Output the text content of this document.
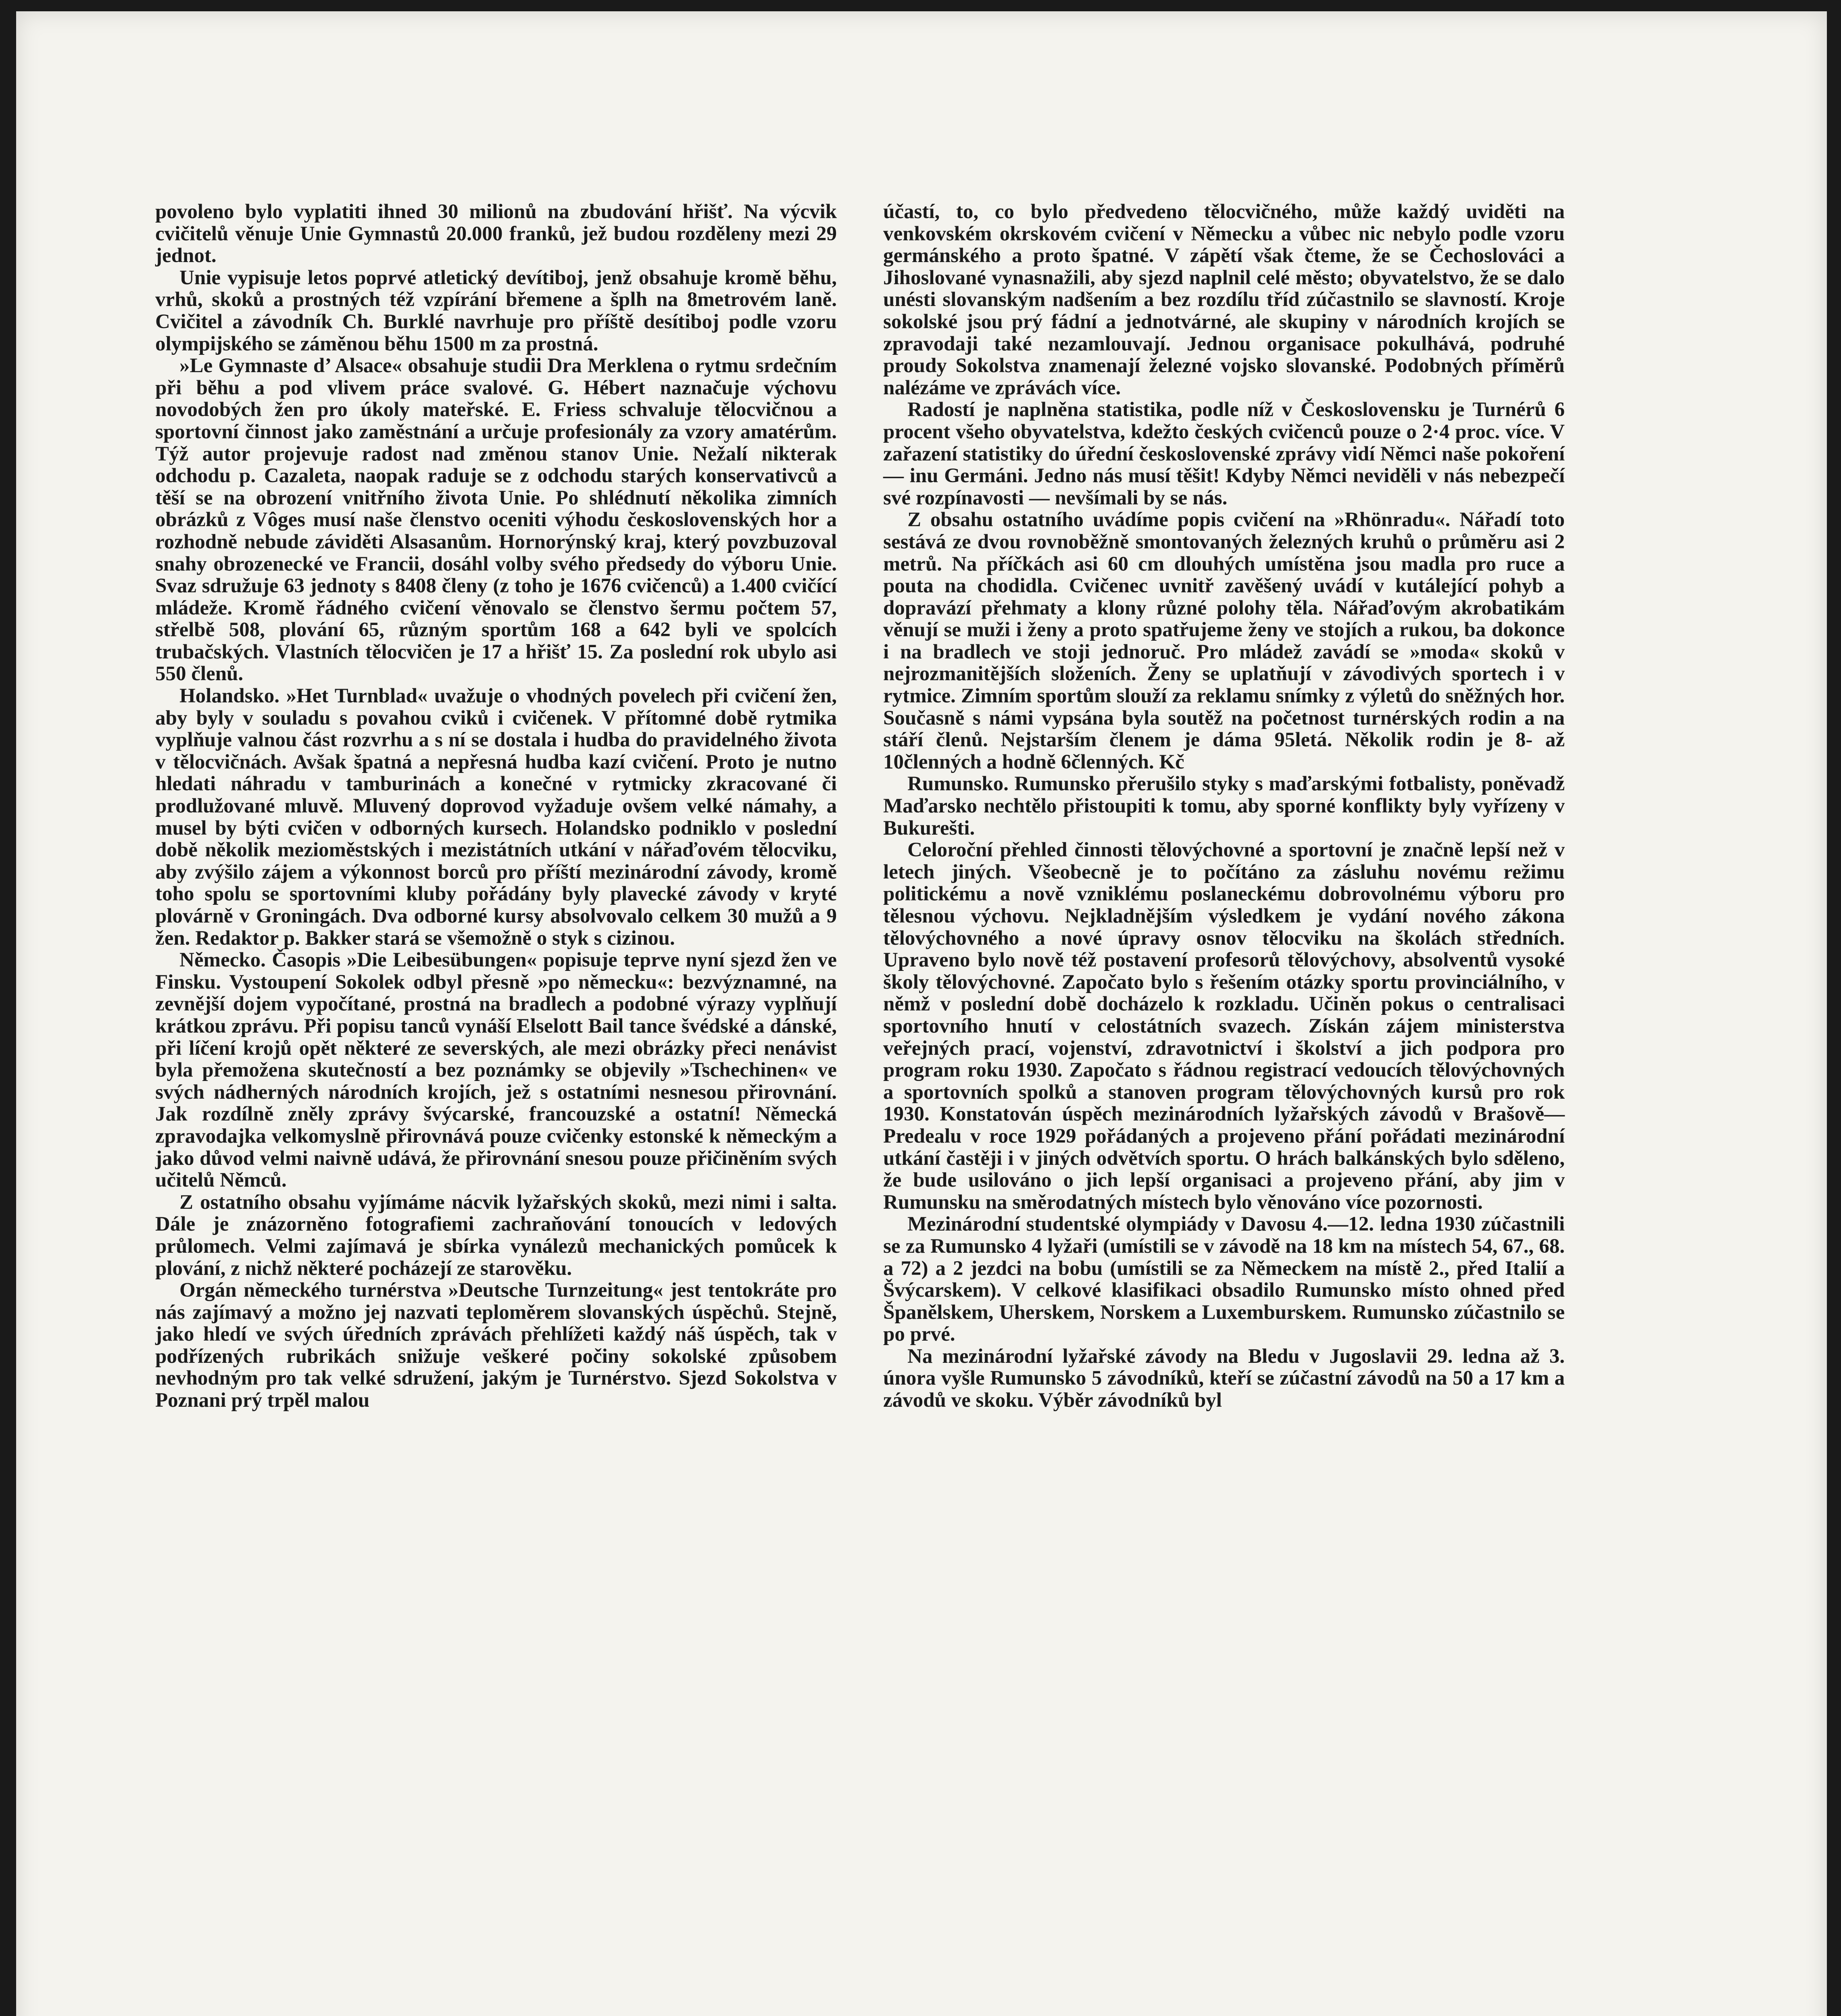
povoleno bylo vyplatiti ihned 30 milionů na zbudování hřišť. Na výcvik cvičitelů věnuje Unie Gymnastů 20.000 franků, jež budou rozděleny mezi 29 jednot.

Unie vypisuje letos poprvé atletický devítiboj, jenž obsahuje kromě běhu, vrhů, skoků a prostných též vzpírání břemene a šplh na 8metrovém laně. Cvičitel a závodník Ch. Burklé navrhuje pro příště desítiboj podle vzoru olympijského se záměnou běhu 1500 m za prostná.

»Le Gymnaste d’ Alsace« obsahuje studii Dra Merklena o rytmu srdečním při běhu a pod vlivem práce svalové. G. Hébert naznačuje výchovu novodobých žen pro úkoly mateřské. E. Friess schvaluje tělocvičnou a sportovní činnost jako zaměstnání a určuje profesionály za vzory amatérům. Týž autor projevuje radost nad změnou stanov Unie. Nežalí nikterak odchodu p. Cazaleta, naopak raduje se z odchodu starých konservativců a těší se na obrození vnitřního života Unie. Po shlédnutí několika zimních obrázků z Vôges musí naše členstvo oceniti výhodu československých hor a rozhodně nebude záviděti Alsasanům. Hornorýnský kraj, který povzbuzoval snahy obrozenecké ve Francii, dosáhl volby svého předsedy do výboru Unie. Svaz sdružuje 63 jednoty s 8408 členy (z toho je 1676 cvičenců) a 1.400 cvičící mládeže. Kromě řádného cvičení věnovalo se členstvo šermu počtem 57, střelbě 508, plování 65, různým sportům 168 a 642 byli ve spolcích trubačských. Vlastních tělocvičen je 17 a hřišť 15. Za poslední rok ubylo asi 550 členů.

Holandsko. »Het Turnblad« uvažuje o vhodných povelech při cvičení žen, aby byly v souladu s povahou cviků i cvičenek. V přítomné době rytmika vyplňuje valnou část rozvrhu a s ní se dostala i hudba do pravidelného života v tělocvičnách. Avšak špatná a nepřesná hudba kazí cvičení. Proto je nutno hledati náhradu v tamburinách a konečné v rytmicky zkracované či prodlužované mluvě. Mluvený doprovod vyžaduje ovšem velké námahy, a musel by býti cvičen v odborných kursech. Holandsko podniklo v poslední době několik mezioměstských i mezistátních utkání v nářaďovém tělocviku, aby zvýšilo zájem a výkonnost borců pro příští mezinárodní závody, kromě toho spolu se sportovními kluby pořádány byly plavecké závody v kryté plovárně v Groningách. Dva odborné kursy absolvovalo celkem 30 mužů a 9 žen. Redaktor p. Bakker stará se všemožně o styk s cizinou.

Německo. Časopis »Die Leibesübungen« popisuje teprve nyní sjezd žen ve Finsku. Vystoupení Sokolek odbyl přesně »po německu«: bezvýznamné, na zevnější dojem vypočítané, prostná na bradlech a podobné výrazy vyplňují krátkou zprávu. Při popisu tanců vynáší Elselott Bail tance švédské a dánské, při líčení krojů opět některé ze severských, ale mezi obrázky přeci nenávist byla přemožena skutečností a bez poznámky se objevily »Tschechinen« ve svých nádherných národních krojích, jež s ostatními nesnesou přirovnání. Jak rozdílně zněly zprávy švýcarské, francouzské a ostatní! Německá zpravodajka velkomyslně přirovnává pouze cvičenky estonské k německým a jako důvod velmi naivně udává, že přirovnání snesou pouze přičiněním svých učitelů Němců.

Z ostatního obsahu vyjímáme nácvik lyžařských skoků, mezi nimi i salta. Dále je znázorněno fotografiemi zachraňování tonoucích v ledových průlomech. Velmi zajímavá je sbírka vynálezů mechanických pomůcek k plování, z nichž některé pocházejí ze starověku.

Orgán německého turnérstva »Deutsche Turnzeitung« jest tentokráte pro nás zajímavý a možno jej nazvati teploměrem slovanských úspěchů. Stejně, jako hledí ve svých úředních zprávách přehlížeti každý náš úspěch, tak v podřízených rubrikách snižuje veškeré počiny sokolské způsobem nevhodným pro tak velké sdružení, jakým je Turnérstvo. Sjezd Sokolstva v Poznani prý trpěl malou

účastí, to, co bylo předvedeno tělocvičného, může každý uviděti na venkovském okrskovém cvičení v Německu a vůbec nic nebylo podle vzoru germánského a proto špatné. V zápětí však čteme, že se Čechoslováci a Jihoslované vynasnažili, aby sjezd naplnil celé město; obyvatelstvo, že se dalo unésti slovanským nadšením a bez rozdílu tříd zúčastnilo se slavností. Kroje sokolské jsou prý fádní a jednotvárné, ale skupiny v národních krojích se zpravodaji také nezamlouvají. Jednou organisace pokulhává, podruhé proudy Sokolstva znamenají železné vojsko slovanské. Podobných příměrů nalézáme ve zprávách více.

Radostí je naplněna statistika, podle níž v Československu je Turnérů 6 procent všeho obyvatelstva, kdežto českých cvičenců pouze o 2·4 proc. více. V zařazení statistiky do úřední československé zprávy vidí Němci naše pokoření — inu Germáni. Jedno nás musí těšit! Kdyby Němci neviděli v nás nebezpečí své rozpínavosti — nevšímali by se nás.

Z obsahu ostatního uvádíme popis cvičení na »Rhönradu«. Nářadí toto sestává ze dvou rovnoběžně smontovaných železných kruhů o průměru asi 2 metrů. Na příčkách asi 60 cm dlouhých umístěna jsou madla pro ruce a pouta na chodidla. Cvičenec uvnitř zavěšený uvádí v kutálející pohyb a dopravází přehmaty a klony různé polohy těla. Nářaďovým akrobatikám věnují se muži i ženy a proto spatřujeme ženy ve stojích a rukou, ba dokonce i na bradlech ve stoji jednoruč. Pro mládež zavádí se »moda« skoků v nejrozmanitějších složeních. Ženy se uplatňují v závodivých sportech i v rytmice. Zimním sportům slouží za reklamu snímky z výletů do sněžných hor. Současně s námi vypsána byla soutěž na početnost turnérských rodin a na stáří členů. Nejstarším členem je dáma 95letá. Několik rodin je 8- až 10členných a hodně 6členných. Kč

Rumunsko. Rumunsko přerušilo styky s maďarskými fotbalisty, poněvadž Maďarsko nechtělo přistoupiti k tomu, aby sporné konflikty byly vyřízeny v Bukurešti.

Celoroční přehled činnosti tělovýchovné a sportovní je značně lepší než v letech jiných. Všeobecně je to počítáno za zásluhu novému režimu politickému a nově vzniklému poslaneckému dobrovolnému výboru pro tělesnou výchovu. Nejkladnějším výsledkem je vydání nového zákona tělovýchovného a nové úpravy osnov tělocviku na školách středních. Upraveno bylo nově též postavení profesorů tělovýchovy, absolventů vysoké školy tělovýchovné. Započato bylo s řešením otázky sportu provinciálního, v němž v poslední době docházelo k rozkladu. Učiněn pokus o centralisaci sportovního hnutí v celostátních svazech. Získán zájem ministerstva veřejných prací, vojenství, zdravotnictví i školství a jich podpora pro program roku 1930. Započato s řádnou registrací vedoucích tělovýchovných a sportovních spolků a stanoven program tělovýchovných kursů pro rok 1930. Konstatován úspěch mezinárodních lyžařských závodů v Brašově—Predealu v roce 1929 pořádaných a projeveno přání pořádati mezinárodní utkání častěji i v jiných odvětvích sportu. O hrách balkánských bylo sděleno, že bude usilováno o jich lepší organisaci a projeveno přání, aby jim v Rumunsku na směrodatných místech bylo věnováno více pozornosti.

Mezinárodní studentské olympiády v Davosu 4.—12. ledna 1930 zúčastnili se za Rumunsko 4 lyžaři (umístili se v závodě na 18 km na místech 54, 67., 68. a 72) a 2 jezdci na bobu (umístili se za Německem na místě 2., před Italií a Švýcarskem). V celkové klasifikaci obsadilo Rumunsko místo ohned před Španělskem, Uherskem, Norskem a Luxemburskem. Rumunsko zúčastnilo se po prvé.

Na mezinárodní lyžařské závody na Bledu v Jugoslavii 29. ledna až 3. února vyšle Rumunsko 5 závodníků, kteří se zúčastní závodů na 50 a 17 km a závodů ve skoku. Výběr závodníků byl
